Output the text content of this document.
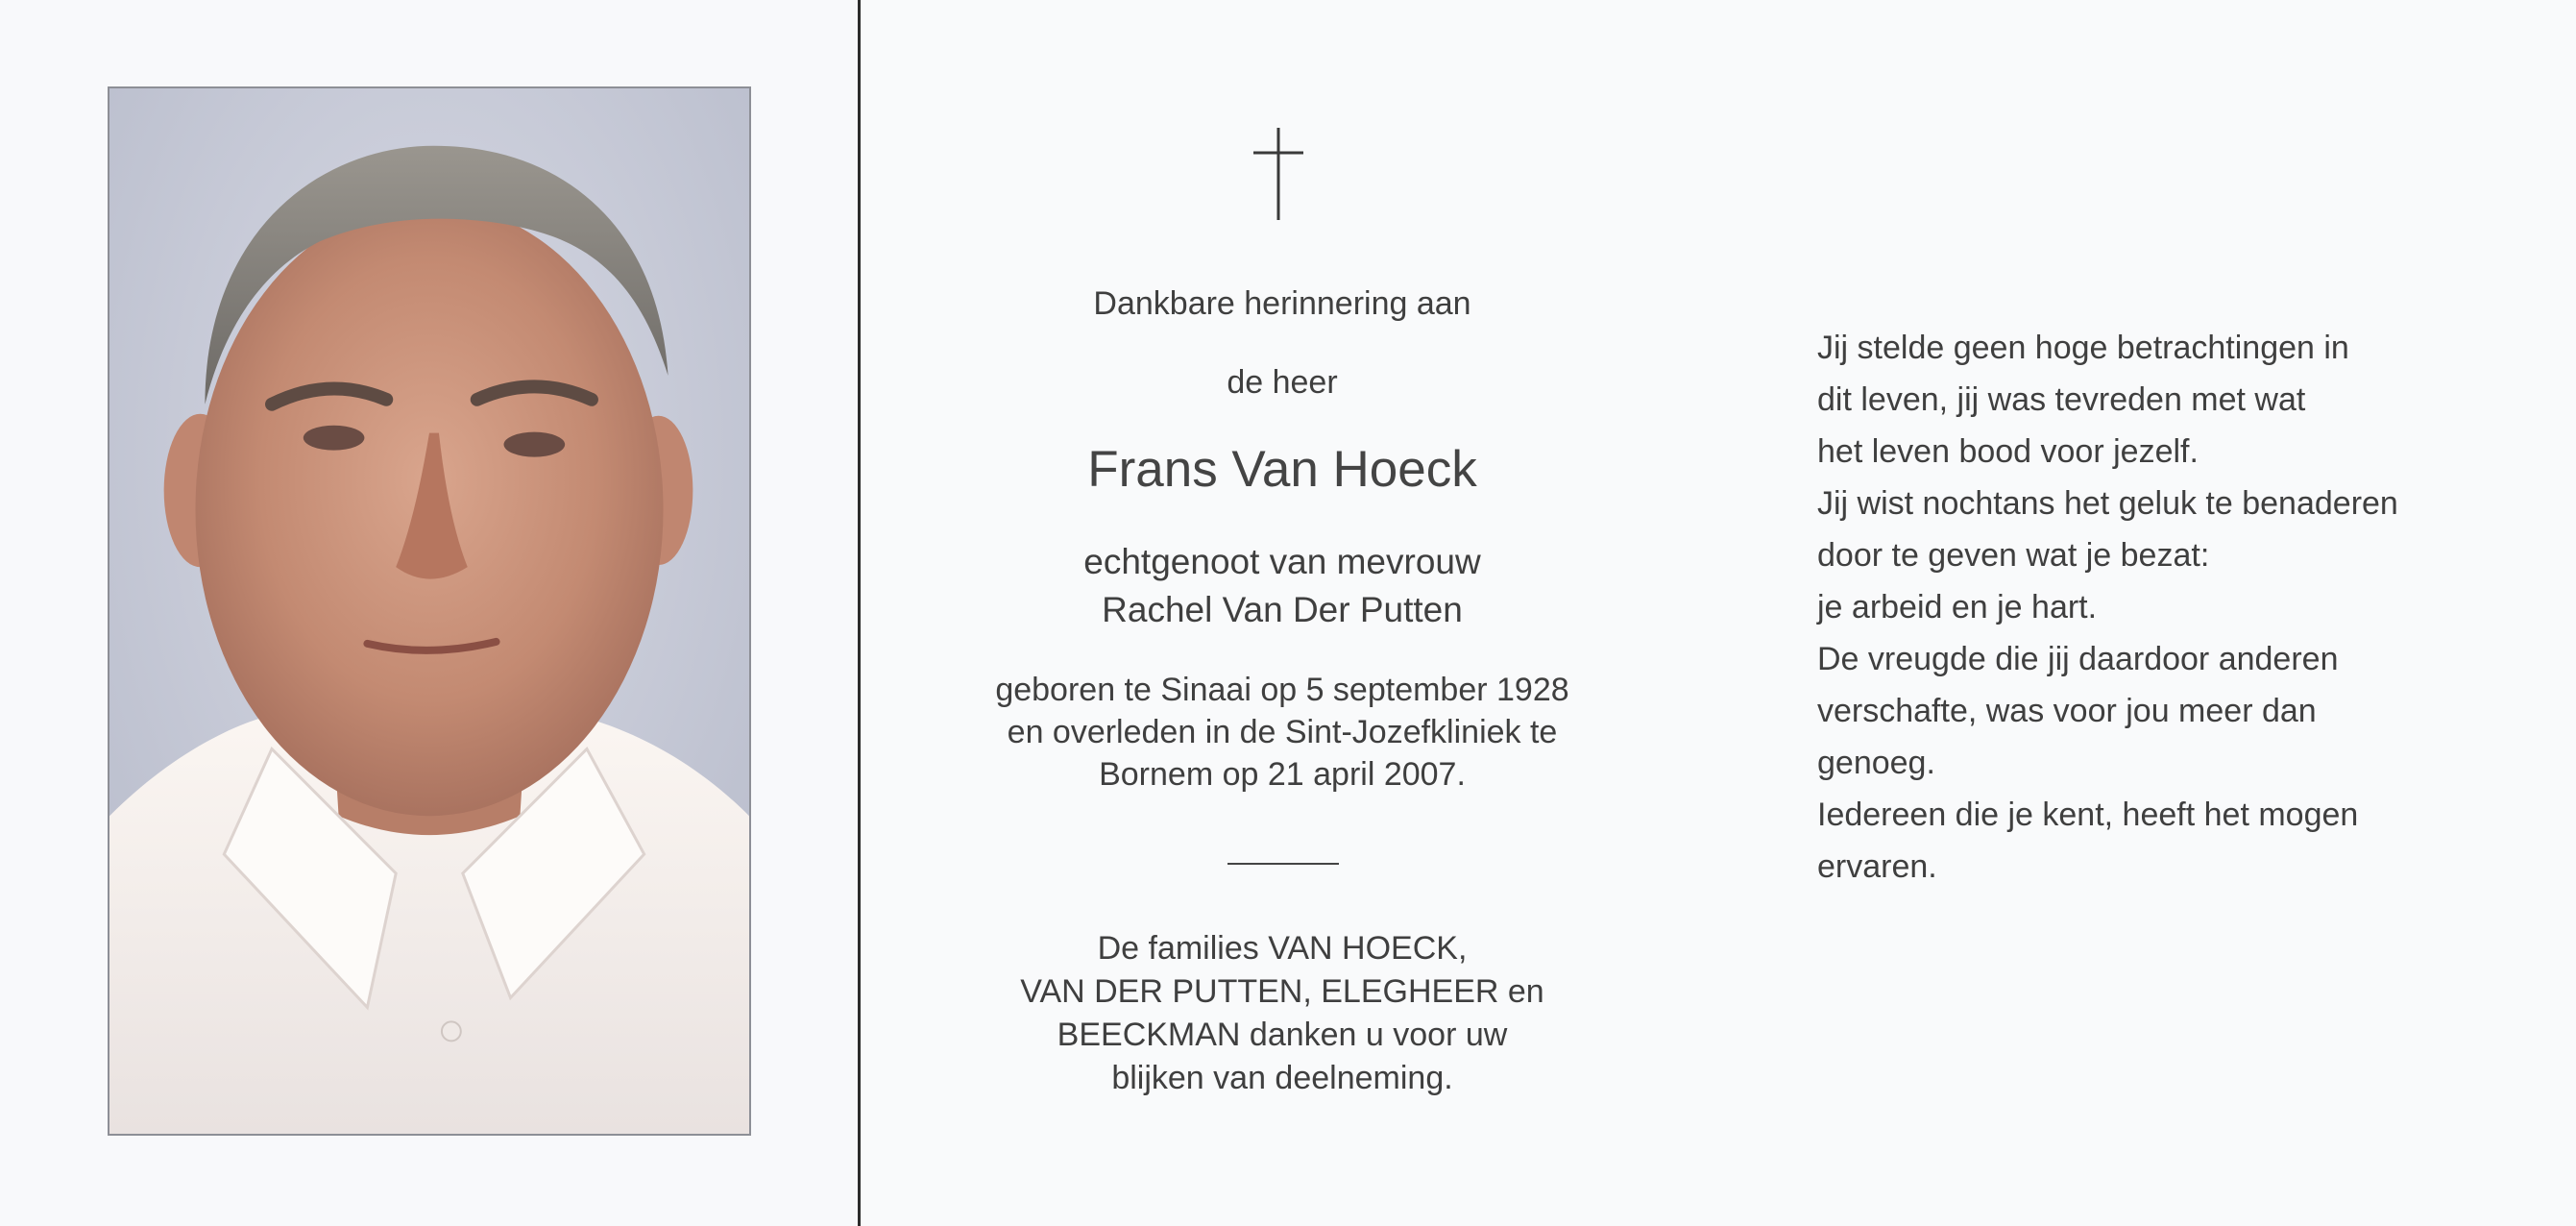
Dankbare herinnering aan
de heer
Frans Van Hoeck
echtgenoot van mevrouw
Rachel Van Der Putten
geboren te Sinaai op 5 september 1928
en overleden in de Sint-Jozefkliniek te
Bornem op 21 april 2007.
De families VAN HOECK,
VAN DER PUTTEN, ELEGHEER en
BEECKMAN danken u voor uw
blijken van deelneming.
Jij stelde geen hoge betrachtingen in
dit leven, jij was tevreden met wat
het leven bood voor jezelf.
Jij wist nochtans het geluk te benaderen
door te geven wat je bezat:
je arbeid en je hart.
De vreugde die jij daardoor anderen
verschafte, was voor jou meer dan
genoeg.
Iedereen die je kent, heeft het mogen
ervaren.
